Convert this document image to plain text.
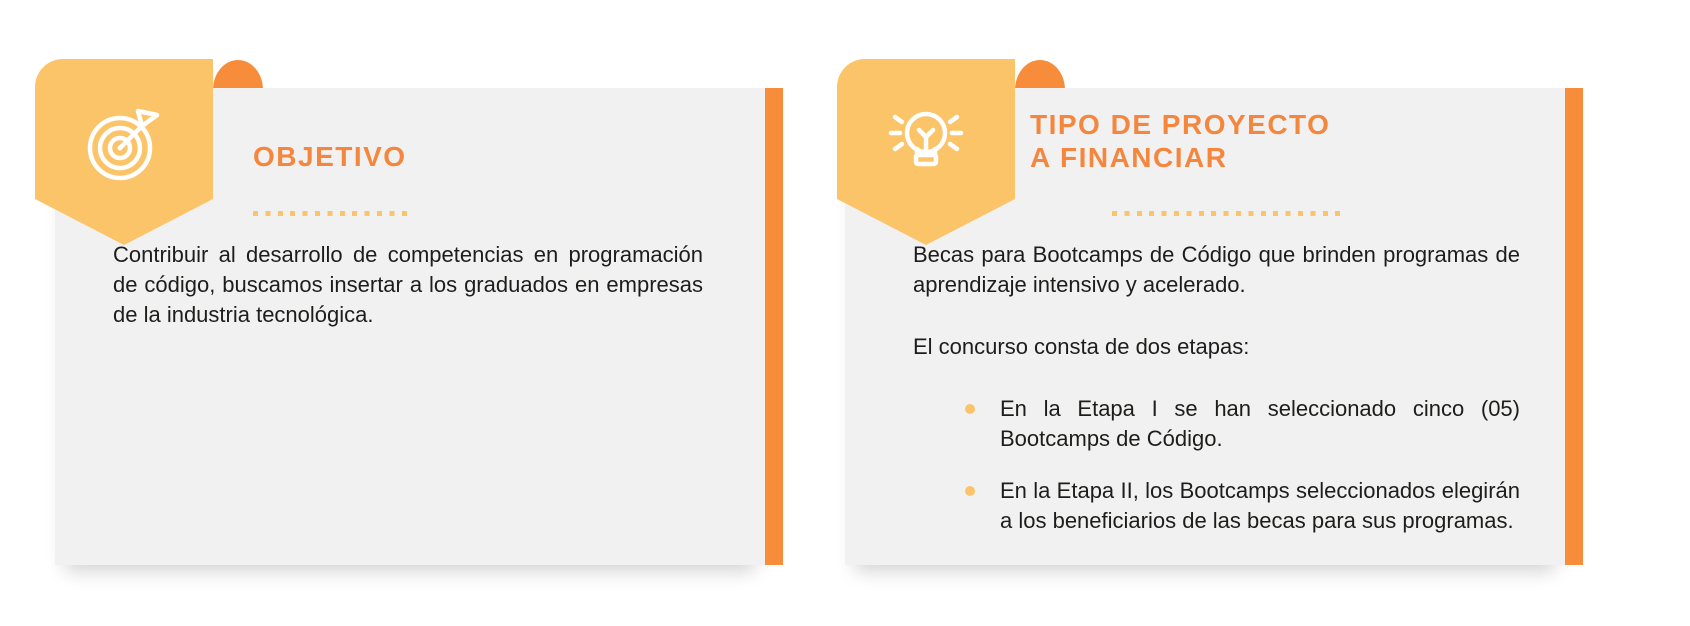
OBJETIVO

Contribuir al desarrollo de competencias en programación de código, buscamos insertar a los graduados en empresas de la industria tecnológica.

TIPO DE PROYECTO
A FINANCIAR

Becas para Bootcamps de Código que brinden programas de aprendizaje intensivo y acelerado.

El concurso consta de dos etapas:

En la Etapa I se han seleccionado cinco (05) Bootcamps de Código.
En la Etapa II, los Bootcamps seleccionados elegirán a los beneficiarios de las becas para sus programas.
